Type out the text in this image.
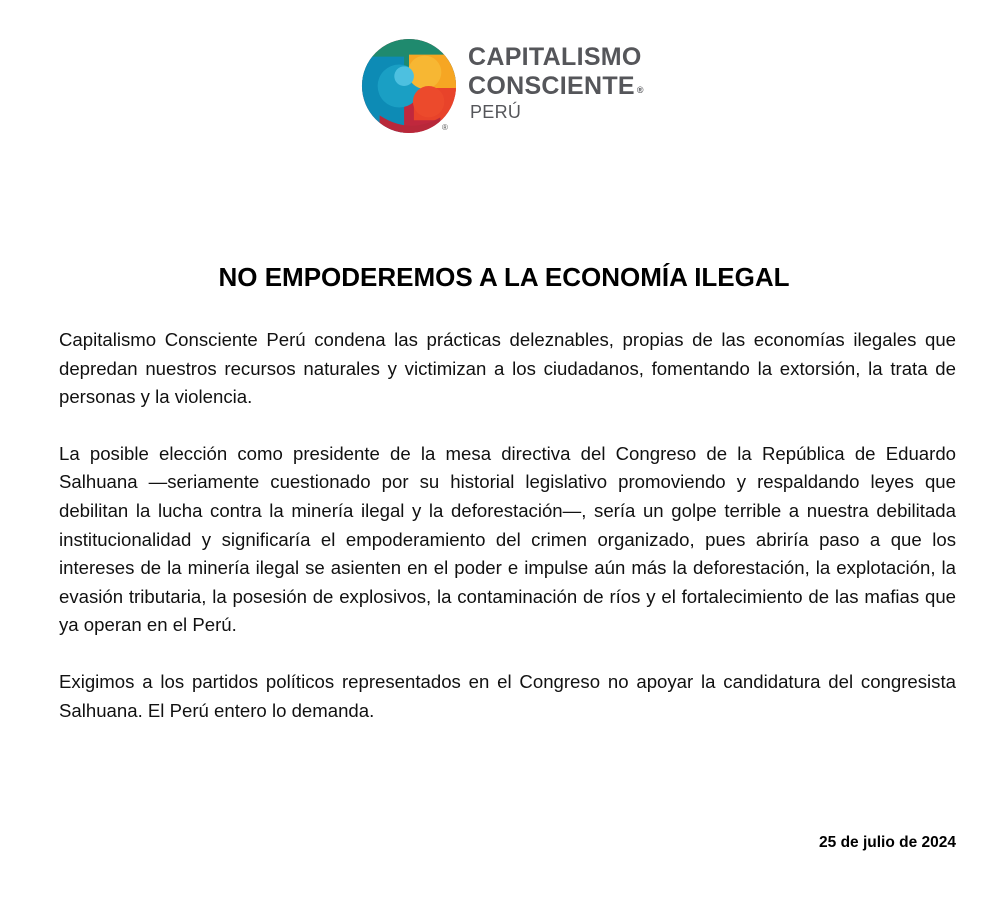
®
CAPITALISMO
CONSCIENTE ®
PERÚ
NO EMPODEREMOS A LA ECONOMÍA ILEGAL

Capitalismo Consciente Perú condena las prácticas deleznables, propias de las economías ilegales que depredan nuestros recursos naturales y victimizan a los ciudadanos, fomentando la extorsión, la trata de personas y la violencia.

La posible elección como presidente de la mesa directiva del Congreso de la República de Eduardo Salhuana —seriamente cuestionado por su historial legislativo promoviendo y respaldando leyes que debilitan la lucha contra la minería ilegal y la deforestación—, sería un golpe terrible a nuestra debilitada institucionalidad y significaría el empoderamiento del crimen organizado, pues abriría paso a que los intereses de la minería ilegal se asienten en el poder e impulse aún más la deforestación, la explotación, la evasión tributaria, la posesión de explosivos, la contaminación de ríos y el fortalecimiento de las mafias que ya operan en el Perú.

Exigimos a los partidos políticos representados en el Congreso no apoyar la candidatura del congresista Salhuana. El Perú entero lo demanda.

25 de julio de 2024
